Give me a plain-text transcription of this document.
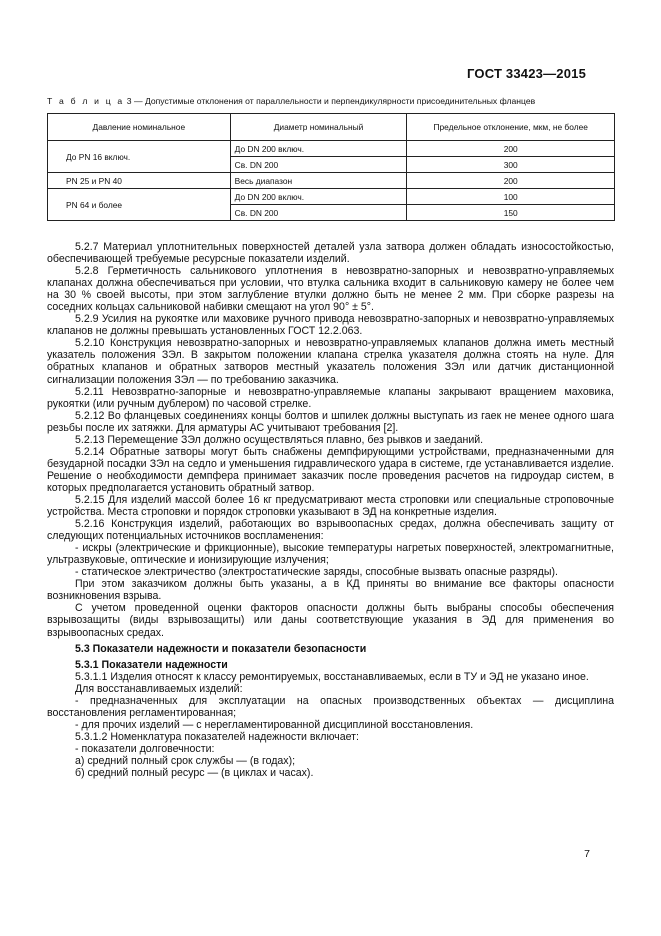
ГОСТ 33423—2015
Т а б л и ц а 3 — Допустимые отклонения от параллельности и перпендикулярности присоединительных фланцев
Давление номинальное	Диаметр номинальный	Предельное отклонение, мкм, не более
До PN 16 включ.	До DN 200 включ.	200
	Св. DN 200	300
PN 25 и PN 40	Весь диапазон	200
PN 64 и более	До DN 200 включ.	100
	Св. DN 200	150

5.2.7 Материал уплотнительных поверхностей деталей узла затвора должен обладать износостойкостью, обеспечивающей требуемые ресурсные показатели изделий.

5.2.8 Герметичность сальникового уплотнения в невозвратно-запорных и невозвратно-управляемых клапанах должна обеспечиваться при условии, что втулка сальника входит в сальниковую камеру не более чем на 30 % своей высоты, при этом заглубление втулки должно быть не менее 2 мм. При сборке разрезы на соседних кольцах сальниковой набивки смещают на угол 90° ± 5°.

5.2.9 Усилия на рукоятке или маховике ручного привода невозвратно-запорных и невозвратно-управляемых клапанов не должны превышать установленных ГОСТ 12.2.063.

5.2.10 Конструкция невозвратно-запорных и невозвратно-управляемых клапанов должна иметь местный указатель положения ЗЭл. В закрытом положении клапана стрелка указателя должна стоять на нуле. Для обратных клапанов и обратных затворов местный указатель положения ЗЭл или датчик дистанционной сигнализации положения ЗЭл — по требованию заказчика.

5.2.11 Невозвратно-запорные и невозвратно-управляемые клапаны закрывают вращением маховика, рукоятки (или ручным дублером) по часовой стрелке.

5.2.12 Во фланцевых соединениях концы болтов и шпилек должны выступать из гаек не менее одного шага резьбы после их затяжки. Для арматуры АС учитывают требования [2].

5.2.13 Перемещение ЗЭл должно осуществляться плавно, без рывков и заеданий.

5.2.14 Обратные затворы могут быть снабжены демпфирующими устройствами, предназначенными для безударной посадки ЗЭл на седло и уменьшения гидравлического удара в системе, где устанавливается изделие. Решение о необходимости демпфера принимает заказчик после проведения расчетов на гидроудар систем, в которых предполагается установить обратный затвор.

5.2.15 Для изделий массой более 16 кг предусматривают места строповки или специальные строповочные устройства. Места строповки и порядок строповки указывают в ЭД на конкретные изделия.

5.2.16 Конструкция изделий, работающих во взрывоопасных средах, должна обеспечивать защиту от следующих потенциальных источников воспламенения:

- искры (электрические и фрикционные), высокие температуры нагретых поверхностей, электромагнитные, ультразвуковые, оптические и ионизирующие излучения;

- статическое электричество (электростатические заряды, способные вызвать опасные разряды).

При этом заказчиком должны быть указаны, а в КД приняты во внимание все факторы опасности возникновения взрыва.

С учетом проведенной оценки факторов опасности должны быть выбраны способы обеспечения взрывозащиты (виды взрывозащиты) или даны соответствующие указания в ЭД для применения во взрывоопасных средах.

5.3 Показатели надежности и показатели безопасности

5.3.1 Показатели надежности

5.3.1.1 Изделия относят к классу ремонтируемых, восстанавливаемых, если в ТУ и ЭД не указано иное.

Для восстанавливаемых изделий:

- предназначенных для эксплуатации на опасных производственных объектах — дисциплина восстановления регламентированная;

- для прочих изделий — с нерегламентированной дисциплиной восстановления.

5.3.1.2 Номенклатура показателей надежности включает:

- показатели долговечности:

а) средний полный срок службы — (в годах);

б) средний полный ресурс — (в циклах и часах).

7
